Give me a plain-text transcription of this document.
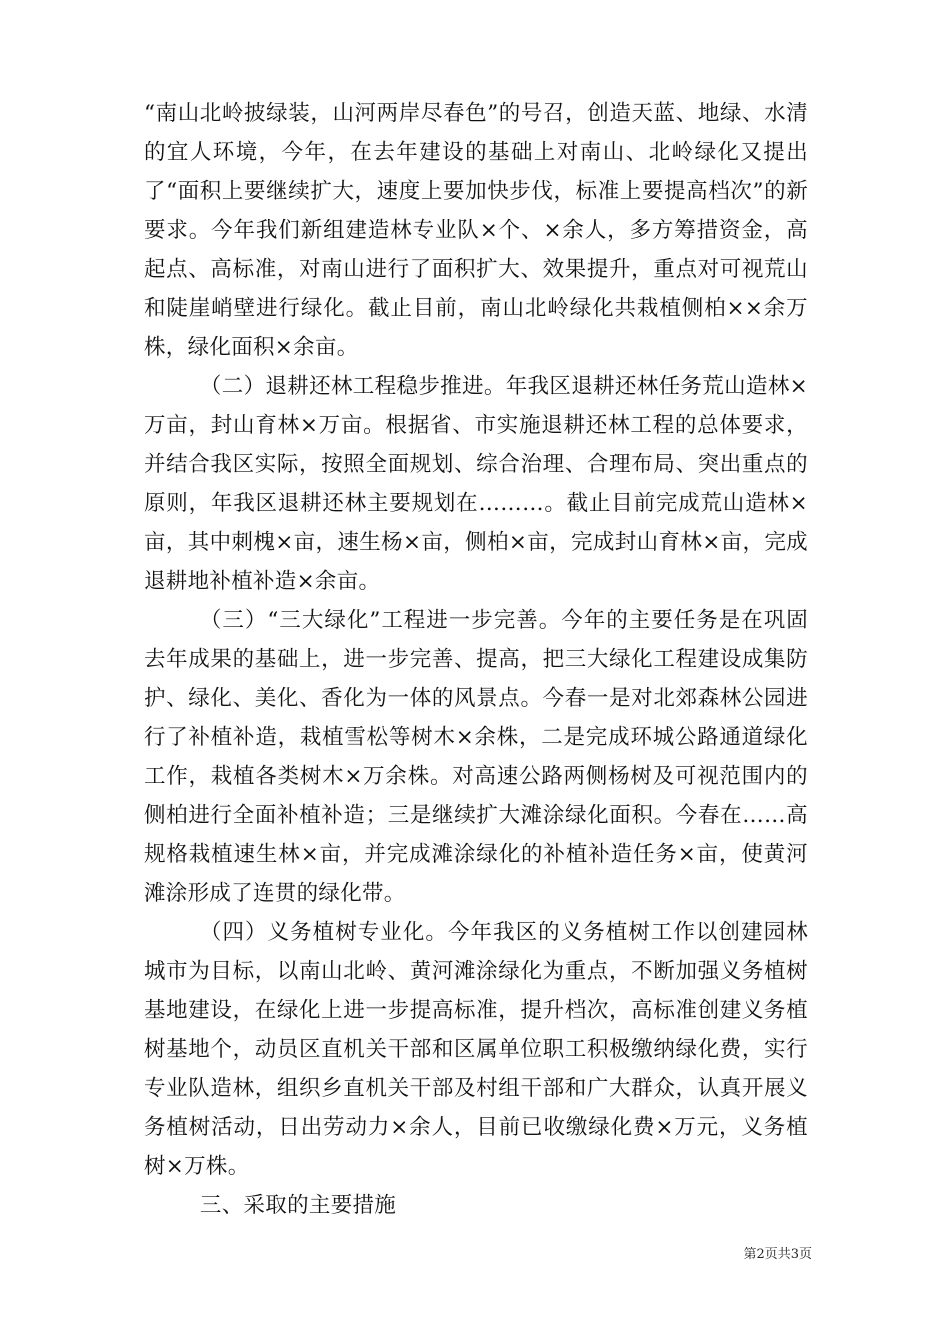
“南山北岭披绿装，山河两岸尽春色”的号召，创造天蓝、地绿、水清的宜人环境，今年，在去年建设的基础上对南山、北岭绿化又提出了“面积上要继续扩大，速度上要加快步伐，标准上要提高档次”的新要求。今年我们新组建造林专业队×个、×余人，多方筹措资金，高起点、高标准，对南山进行了面积扩大、效果提升，重点对可视荒山和陡崖峭壁进行绿化。截止目前，南山北岭绿化共栽植侧柏××余万株，绿化面积×余亩。

（二）退耕还林工程稳步推进。年我区退耕还林任务荒山造林×万亩，封山育林×万亩。根据省、市实施退耕还林工程的总体要求，并结合我区实际，按照全面规划、综合治理、合理布局、突出重点的原则，年我区退耕还林主要规划在………。截止目前完成荒山造林×亩，其中刺槐×亩，速生杨×亩，侧柏×亩，完成封山育林×亩，完成退耕地补植补造×余亩。

（三）“三大绿化”工程进一步完善。今年的主要任务是在巩固去年成果的基础上，进一步完善、提高，把三大绿化工程建设成集防护、绿化、美化、香化为一体的风景点。今春一是对北郊森林公园进行了补植补造，栽植雪松等树木×余株，二是完成环城公路通道绿化工作，栽植各类树木×万余株。对高速公路两侧杨树及可视范围内的侧柏进行全面补植补造；三是继续扩大滩涂绿化面积。今春在……高规格栽植速生林×亩，并完成滩涂绿化的补植补造任务×亩，使黄河滩涂形成了连贯的绿化带。

（四）义务植树专业化。今年我区的义务植树工作以创建园林城市为目标，以南山北岭、黄河滩涂绿化为重点，不断加强义务植树基地建设，在绿化上进一步提高标准，提升档次，高标准创建义务植树基地个，动员区直机关干部和区属单位职工积极缴纳绿化费，实行专业队造林，组织乡直机关干部及村组干部和广大群众，认真开展义务植树活动，日出劳动力×余人，目前已收缴绿化费×万元，义务植树×万株。

三、采取的主要措施

第2页共3页
